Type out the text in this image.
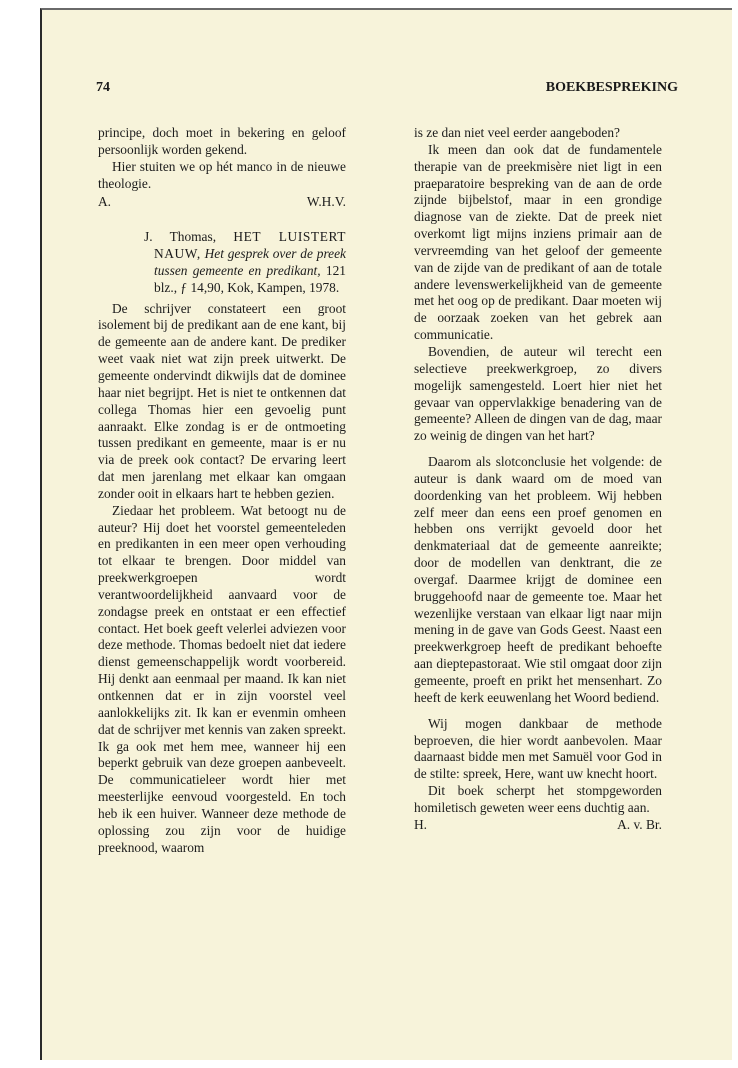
74	BOEKBESPREKING

principe, doch moet in bekering en geloof persoonlijk worden gekend.

Hier stuiten we op hét manco in de nieuwe theologie.

A.	W.H.V.
J. Thomas, HET LUISTERT NAUW, Het gesprek over de preek tussen gemeente en predikant, 121 blz., ƒ 14,90, Kok, Kampen, 1978.

De schrijver constateert een groot isolement bij de predikant aan de ene kant, bij de gemeente aan de andere kant. De prediker weet vaak niet wat zijn preek uitwerkt. De gemeente ondervindt dikwijls dat de dominee haar niet begrijpt. Het is niet te ontkennen dat collega Thomas hier een gevoelig punt aanraakt. Elke zondag is er de ontmoeting tussen predikant en gemeente, maar is er nu via de preek ook contact? De ervaring leert dat men jarenlang met elkaar kan omgaan zonder ooit in elkaars hart te hebben gezien.

Ziedaar het probleem. Wat betoogt nu de auteur? Hij doet het voorstel gemeenteleden en predikanten in een meer open verhouding tot elkaar te brengen. Door middel van preekwerkgroepen wordt verantwoordelijkheid aanvaard voor de zondagse preek en ontstaat er een effectief contact. Het boek geeft velerlei adviezen voor deze methode. Thomas bedoelt niet dat iedere dienst gemeenschappelijk wordt voorbereid. Hij denkt aan eenmaal per maand. Ik kan niet ontkennen dat er in zijn voorstel veel aanlokkelijks zit. Ik kan er evenmin omheen dat de schrijver met kennis van zaken spreekt. Ik ga ook met hem mee, wanneer hij een beperkt gebruik van deze groepen aanbeveelt. De communicatieleer wordt hier met meesterlijke eenvoud voorgesteld. En toch heb ik een huiver. Wanneer deze methode de oplossing zou zijn voor de huidige preeknood, waarom

is ze dan niet veel eerder aangeboden?

Ik meen dan ook dat de fundamentele therapie van de preekmisère niet ligt in een praeparatoire bespreking van de aan de orde zijnde bijbelstof, maar in een grondige diagnose van de ziekte. Dat de preek niet overkomt ligt mijns inziens primair aan de vervreemding van het geloof der gemeente van de zijde van de predikant of aan de totale andere levenswerkelijkheid van de gemeente met het oog op de predikant. Daar moeten wij de oorzaak zoeken van het gebrek aan communicatie.

Bovendien, de auteur wil terecht een selectieve preekwerkgroep, zo divers mogelijk samengesteld. Loert hier niet het gevaar van oppervlakkige benadering van de gemeente? Alleen de dingen van de dag, maar zo weinig de dingen van het hart?

Daarom als slotconclusie het volgende: de auteur is dank waard om de moed van doordenking van het probleem. Wij hebben zelf meer dan eens een proef genomen en hebben ons verrijkt gevoeld door het denkmateriaal dat de gemeente aanreikte; door de modellen van denktrant, die ze overgaf. Daarmee krijgt de dominee een bruggehoofd naar de gemeente toe. Maar het wezenlijke verstaan van elkaar ligt naar mijn mening in de gave van Gods Geest. Naast een preekwerkgroep heeft de predikant behoefte aan dieptepastoraat. Wie stil omgaat door zijn gemeente, proeft en prikt het mensenhart. Zo heeft de kerk eeuwenlang het Woord bediend.

Wij mogen dankbaar de methode beproeven, die hier wordt aanbevolen. Maar daarnaast bidde men met Samuël voor God in de stilte: spreek, Here, want uw knecht hoort.

Dit boek scherpt het stompgeworden homiletisch geweten weer eens duchtig aan.

H.	A. v. Br.
